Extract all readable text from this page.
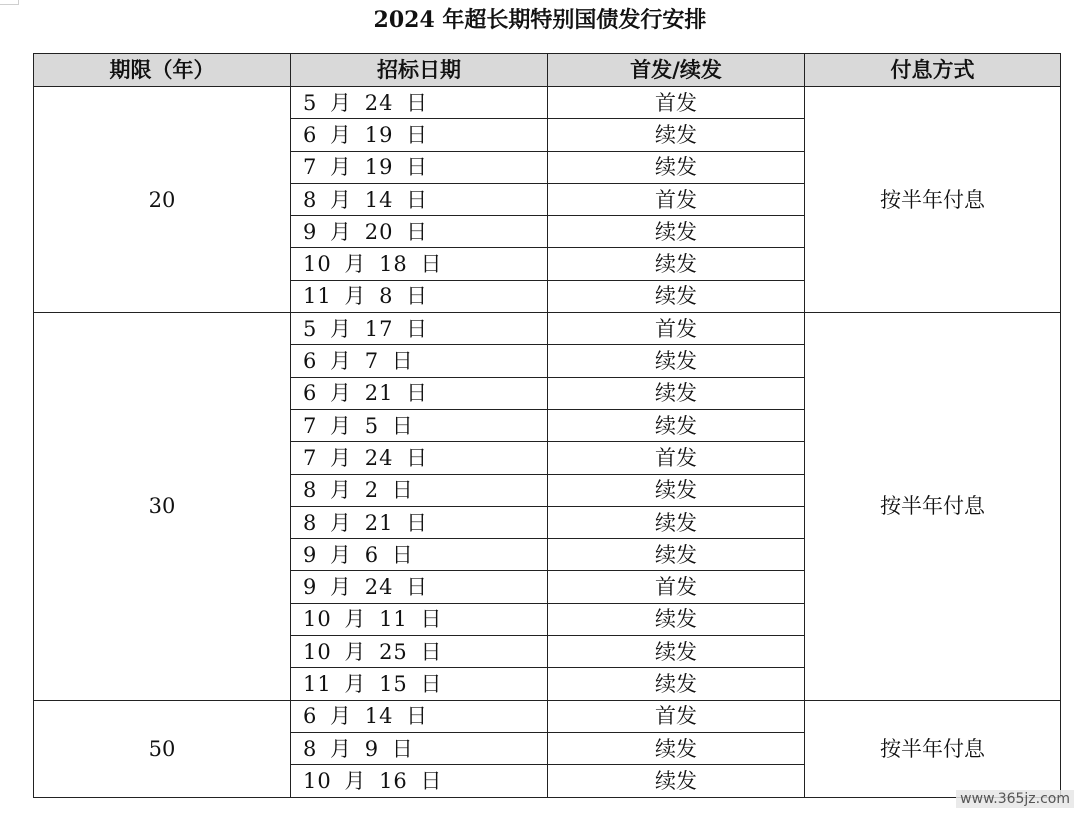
2024 年超长期特别国债发行安排
期限（年）	招标日期	首发/续发	付息方式
20	5 月 24 日	首发	按半年付息
	6 月 19 日	续发	
	7 月 19 日	续发	
	8 月 14 日	首发	
	9 月 20 日	续发	
	10 月 18 日	续发	
	11 月 8 日	续发	
30	5 月 17 日	首发	按半年付息
	6 月 7 日	续发	
	6 月 21 日	续发	
	7 月 5 日	续发	
	7 月 24 日	首发	
	8 月 2 日	续发	
	8 月 21 日	续发	
	9 月 6 日	续发	
	9 月 24 日	首发	
	10 月 11 日	续发	
	10 月 25 日	续发	
	11 月 15 日	续发	
50	6 月 14 日	首发	按半年付息
	8 月 9 日	续发	
	10 月 16 日	续发	
www.365jz.com
